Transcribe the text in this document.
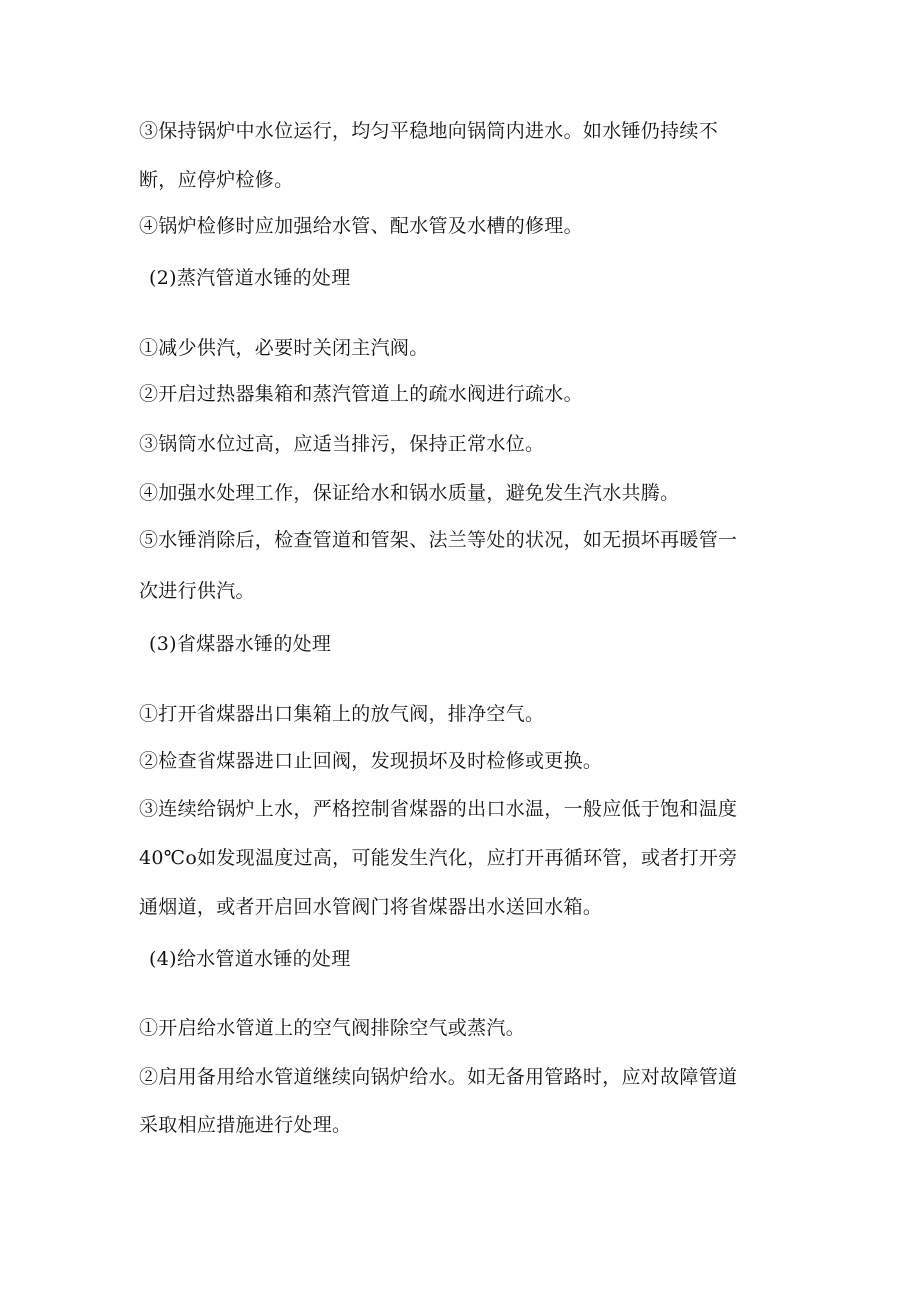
③保持锅炉中水位运行，均匀平稳地向锅筒内进水。如水锤仍持续不
断，应停炉检修。
④锅炉检修时应加强给水管、配水管及水槽的修理。
(2)蒸汽管道水锤的处理
①减少供汽，必要时关闭主汽阀。
②开启过热器集箱和蒸汽管道上的疏水阀进行疏水。
③锅筒水位过高，应适当排污，保持正常水位。
④加强水处理工作，保证给水和锅水质量，避免发生汽水共腾。
⑤水锤消除后，检查管道和管架、法兰等处的状况，如无损坏再暖管一
次进行供汽。
(3)省煤器水锤的处理
①打开省煤器出口集箱上的放气阀，排净空气。
②检查省煤器进口止回阀，发现损坏及时检修或更换。
③连续给锅炉上水，严格控制省煤器的出口水温，一般应低于饱和温度
40℃o如发现温度过高，可能发生汽化，应打开再循环管，或者打开旁
通烟道，或者开启回水管阀门将省煤器出水送回水箱。
(4)给水管道水锤的处理
①开启给水管道上的空气阀排除空气或蒸汽。
②启用备用给水管道继续向锅炉给水。如无备用管路时，应对故障管道
采取相应措施进行处理。
